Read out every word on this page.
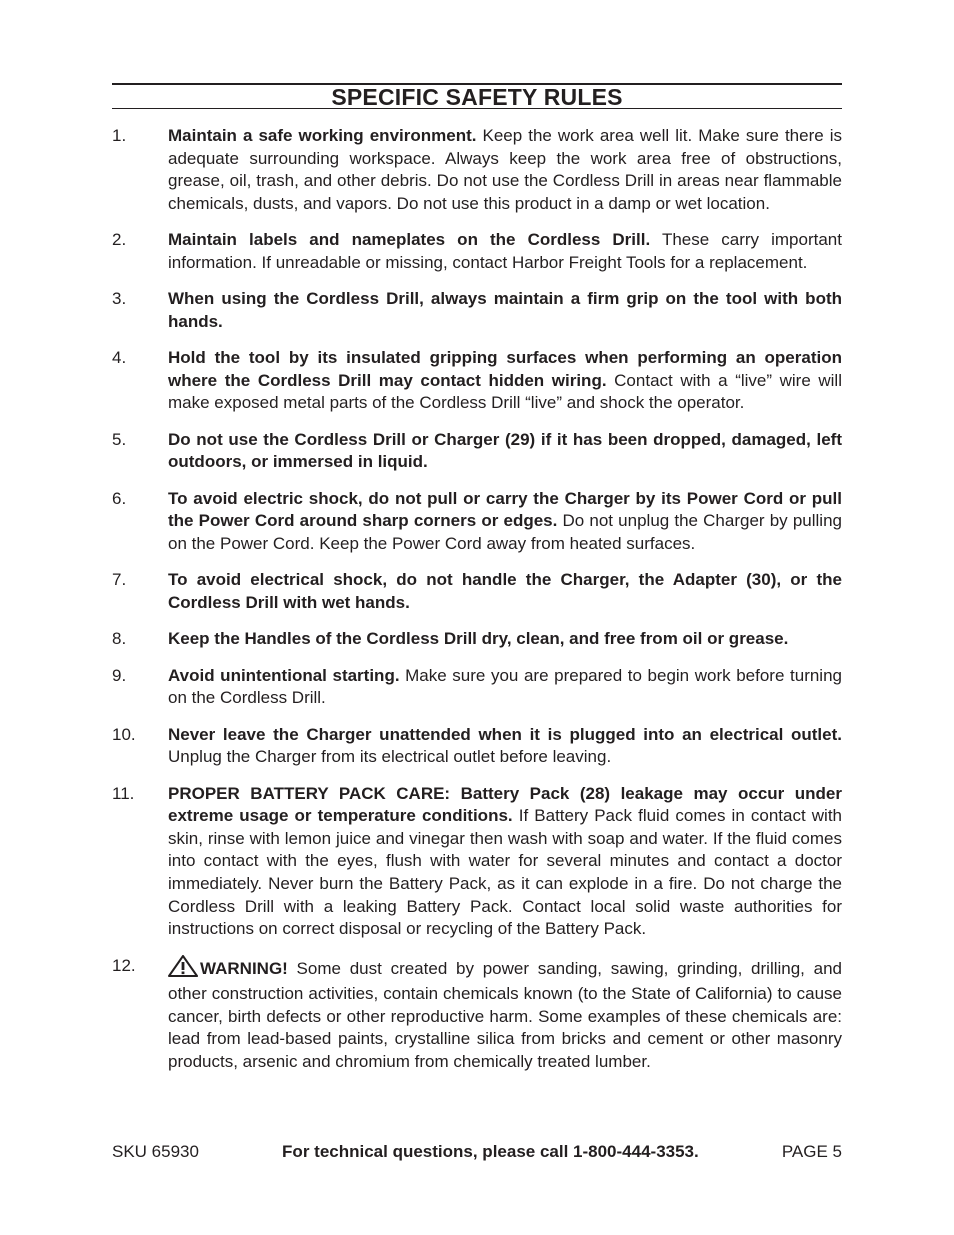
SPECIFIC SAFETY RULES
1.	Maintain a safe working environment. Keep the work area well lit. Make sure there is adequate surrounding workspace. Always keep the work area free of obstructions, grease, oil, trash, and other debris. Do not use the Cordless Drill in areas near flammable chemicals, dusts, and vapors. Do not use this product in a damp or wet location.
2.	Maintain labels and nameplates on the Cordless Drill. These carry important information. If unreadable or missing, contact Harbor Freight Tools for a replacement.
3.	When using the Cordless Drill, always maintain a firm grip on the tool with both hands.
4.	Hold the tool by its insulated gripping surfaces when performing an operation where the Cordless Drill may contact hidden wiring. Contact with a “live” wire will make exposed metal parts of the Cordless Drill “live” and shock the operator.
5.	Do not use the Cordless Drill or Charger (29) if it has been dropped, damaged, left outdoors, or immersed in liquid.
6.	To avoid electric shock, do not pull or carry the Charger by its Power Cord or pull the Power Cord around sharp corners or edges. Do not unplug the Charger by pulling on the Power Cord. Keep the Power Cord away from heated surfaces.
7.	To avoid electrical shock, do not handle the Charger, the Adapter (30), or the Cordless Drill with wet hands.
8.	Keep the Handles of the Cordless Drill dry, clean, and free from oil or grease.
9.	Avoid unintentional starting. Make sure you are prepared to begin work before turning on the Cordless Drill.
10.	Never leave the Charger unattended when it is plugged into an electrical outlet. Unplug the Charger from its electrical outlet before leaving.
11.	PROPER BATTERY PACK CARE: Battery Pack (28) leakage may occur under extreme usage or temperature conditions. If Battery Pack fluid comes in contact with skin, rinse with lemon juice and vinegar then wash with soap and water. If the fluid comes into contact with the eyes, flush with water for several minutes and contact a doctor immediately. Never burn the Battery Pack, as it can explode in a fire. Do not charge the Cordless Drill with a leaking Battery Pack. Contact local solid waste authorities for instructions on correct disposal or recycling of the Battery Pack.
12.	WARNING! Some dust created by power sanding, sawing, grinding, drilling, and other construction activities, contain chemicals known (to the State of California) to cause cancer, birth defects or other reproductive harm. Some examples of these chemicals are: lead from lead-based paints, crystalline silica from bricks and cement or other masonry products, arsenic and chromium from chemically treated lumber.
SKU 65930	For technical questions, please call 1-800-444-3353.	PAGE 5
